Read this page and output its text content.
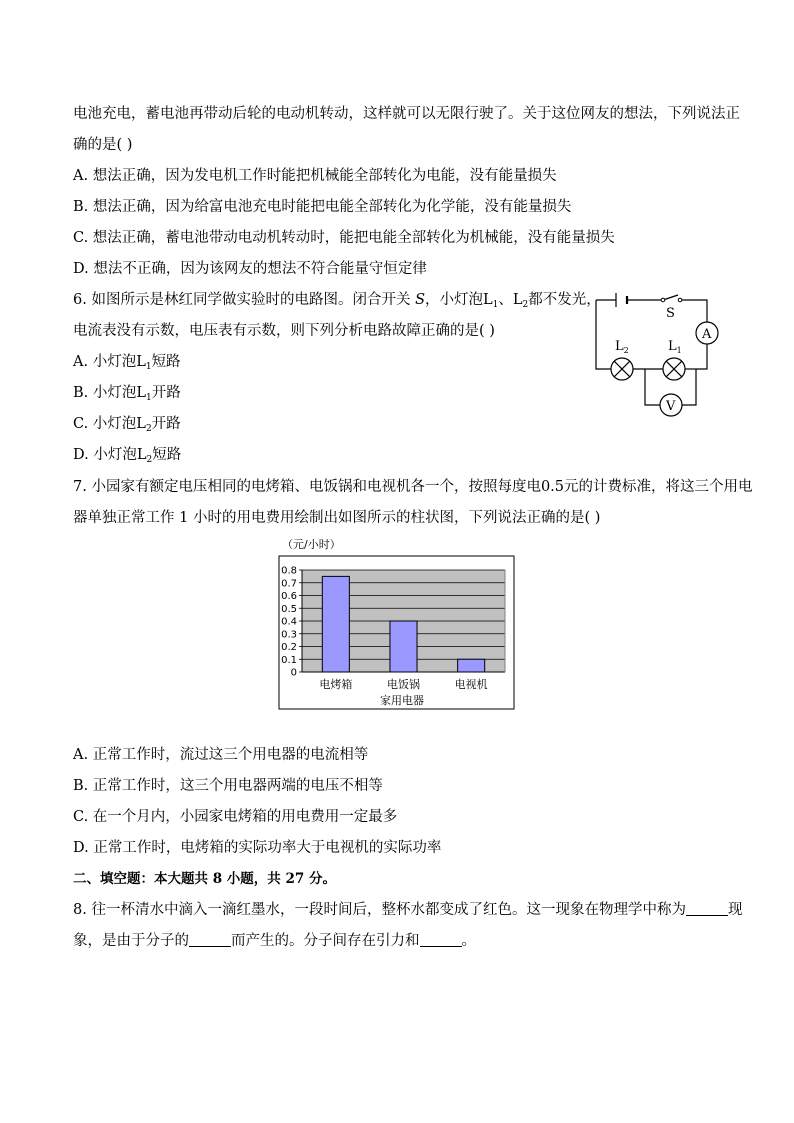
电池充电，蓄电池再带动后轮的电动机转动，这样就可以无限行驶了。关于这位网友的想法，下列说法正
确的是( )
A. 想法正确，因为发电机工作时能把机械能全部转化为电能，没有能量损失
B. 想法正确，因为给富电池充电时能把电能全部转化为化学能，没有能量损失
C. 想法正确，蓄电池带动电动机转动时，能把电能全部转化为机械能，没有能量损失
D. 想法不正确，因为该网友的想法不符合能量守恒定律
6. 如图所示是林红同学做实验时的电路图。闭合开关 S，小灯泡$L_1$、$L_2$都不发光，
电流表没有示数，电压表有示数，则下列分析电路故障正确的是( )
A. 小灯泡$L_1$短路
B. 小灯泡$L_1$开路
C. 小灯泡$L_2$开路
D. 小灯泡$L_2$短路
S
A
$L_2$	$L_1$
V
7. 小园家有额定电压相同的电烤箱、电饭锅和电视机各一个，按照每度电0.5元的计费标准，将这三个用电
器单独正常工作 1 小时的用电费用绘制出如图所示的柱状图，下列说法正确的是( )
（元/小时）
0
0.1
0.2
0.3
0.4
0.5
0.6
0.7
0.8
电烤箱	电饭锅	电视机
家用电器
A. 正常工作时，流过这三个用电器的电流相等
B. 正常工作时，这三个用电器两端的电压不相等
C. 在一个月内，小园家电烤箱的用电费用一定最多
D. 正常工作时，电烤箱的实际功率大于电视机的实际功率
二、填空题：本大题共 8 小题，共 27 分。
8. 往一杯清水中滴入一滴红墨水，一段时间后，整杯水都变成了红色。这一现象在物理学中称为	现
象，是由于分子的	而产生的。分子间存在引力和	。
